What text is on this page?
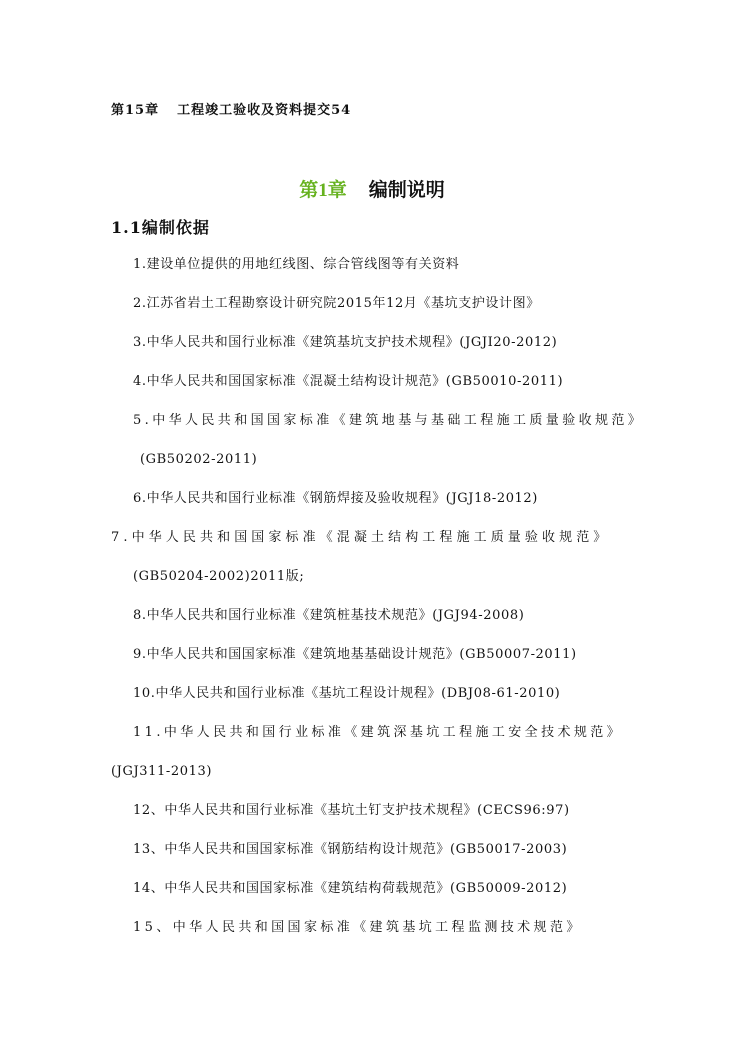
第15章 工程竣工验收及资料提交54
第1章 编制说明
1.1编制依据
1.建设单位提供的用地红线图、综合管线图等有关资料
2.江苏省岩土工程勘察设计研究院2015年12月《基坑支护设计图》
3.中华人民共和国行业标准《建筑基坑支护技术规程》(JGJI20-2012)
4.中华人民共和国国家标准《混凝土结构设计规范》(GB50010-2011)
5.中华人民共和国国家标准《建筑地基与基础工程施工质量验收规范》
(GB50202-2011)
6.中华人民共和国行业标准《钢筋焊接及验收规程》(JGJ18-2012)
7.中华人民共和国国家标准《混凝土结构工程施工质量验收规范》
(GB50204-2002)2011版;
8.中华人民共和国行业标准《建筑桩基技术规范》(JGJ94-2008)
9.中华人民共和国国家标准《建筑地基基础设计规范》(GB50007-2011)
10.中华人民共和国行业标准《基坑工程设计规程》(DBJ08-61-2010)
11.中华人民共和国行业标准《建筑深基坑工程施工安全技术规范》
(JGJ311-2013)
12、中华人民共和国行业标准《基坑土钉支护技术规程》(CECS96:97)
13、中华人民共和国国家标准《钢筋结构设计规范》(GB50017-2003)
14、中华人民共和国国家标准《建筑结构荷载规范》(GB50009-2012)
15、中华人民共和国国家标准《建筑基坑工程监测技术规范》
